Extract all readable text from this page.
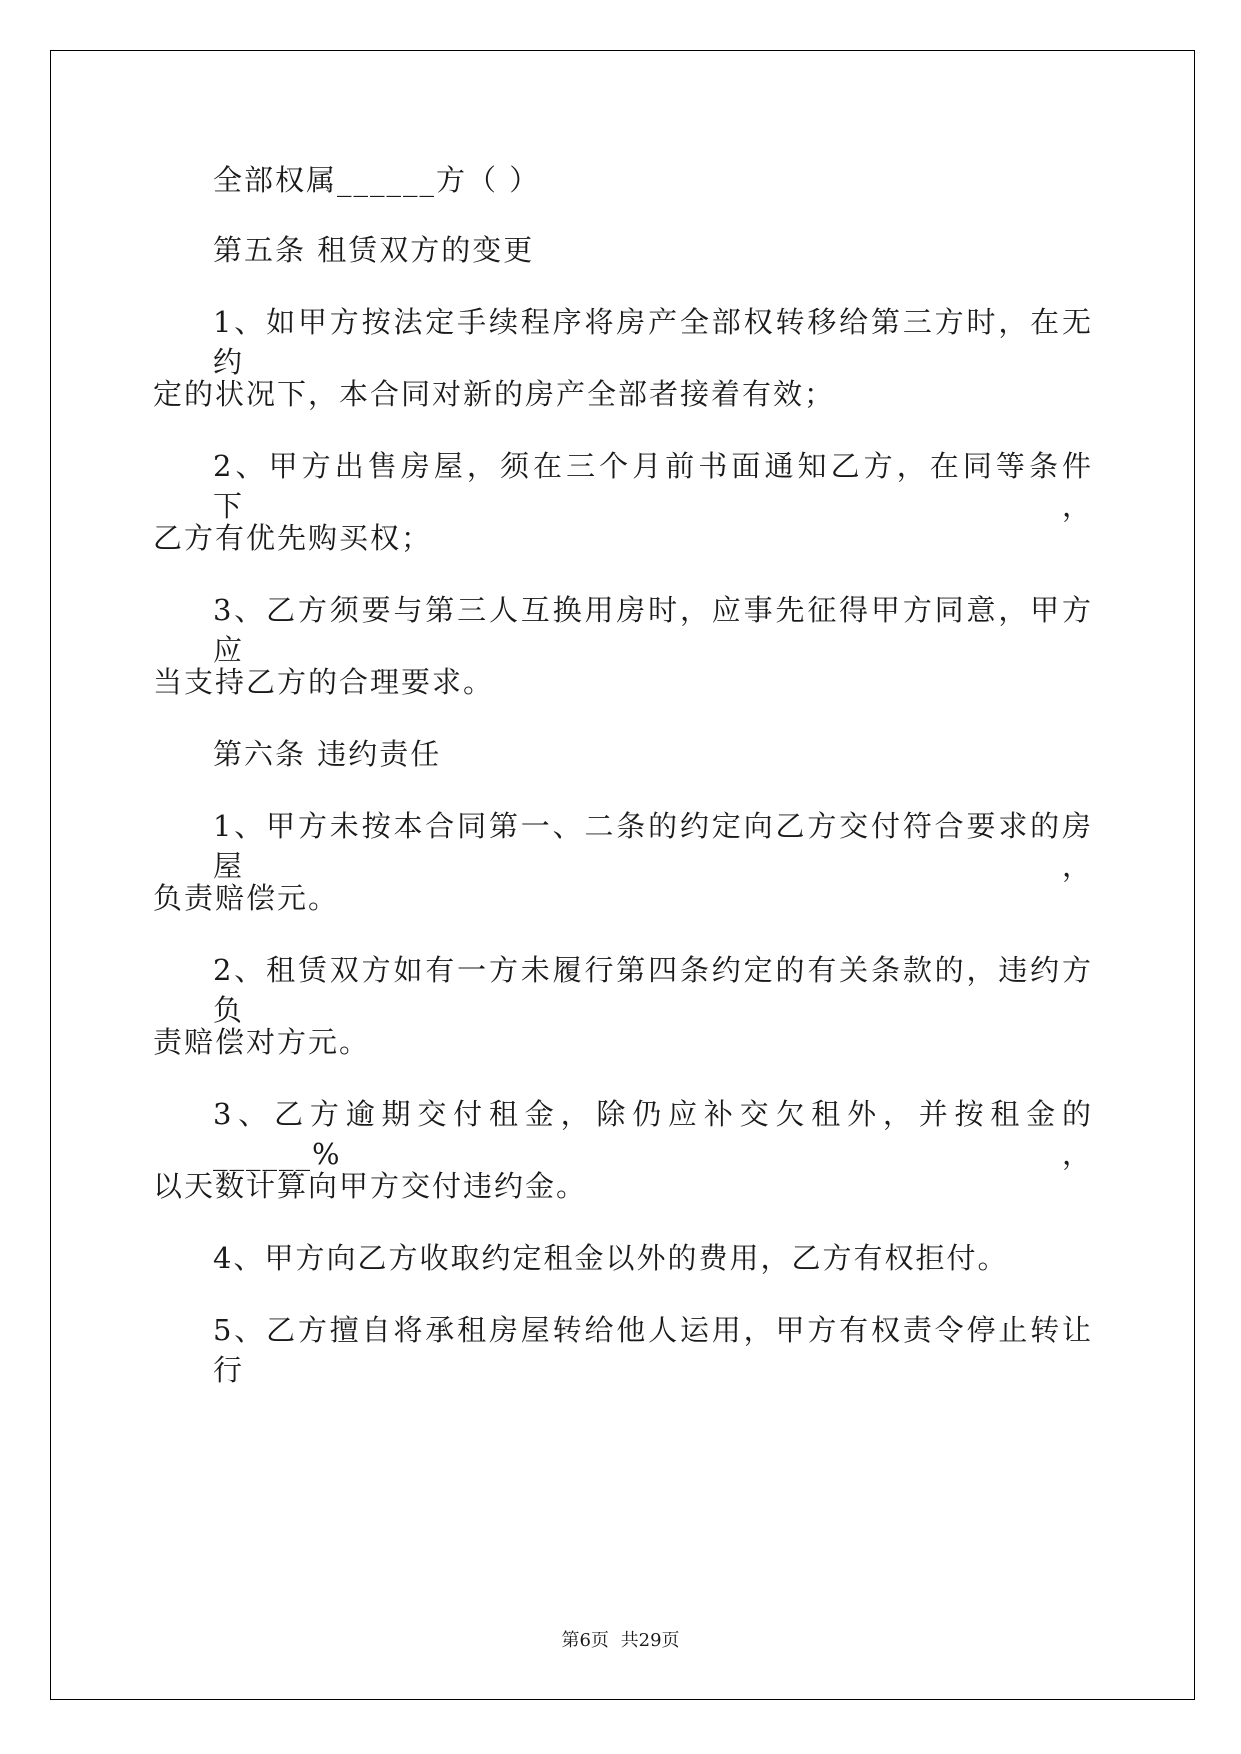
全部权属______方（ ）
第五条 租赁双方的变更
1、如甲方按法定手续程序将房产全部权转移给第三方时，在无约
定的状况下，本合同对新的房产全部者接着有效；
2、甲方出售房屋，须在三个月前书面通知乙方，在同等条件下，
乙方有优先购买权；
3、乙方须要与第三人互换用房时，应事先征得甲方同意，甲方应
当支持乙方的合理要求。
第六条 违约责任
1、甲方未按本合同第一、二条的约定向乙方交付符合要求的房屋，
负责赔偿元。
2、租赁双方如有一方未履行第四条约定的有关条款的，违约方负
责赔偿对方元。
3、乙方逾期交付租金，除仍应补交欠租外，并按租金的______%，
以天数计算向甲方交付违约金。
4、甲方向乙方收取约定租金以外的费用，乙方有权拒付。
5、乙方擅自将承租房屋转给他人运用，甲方有权责令停止转让行
第6页 共29页
